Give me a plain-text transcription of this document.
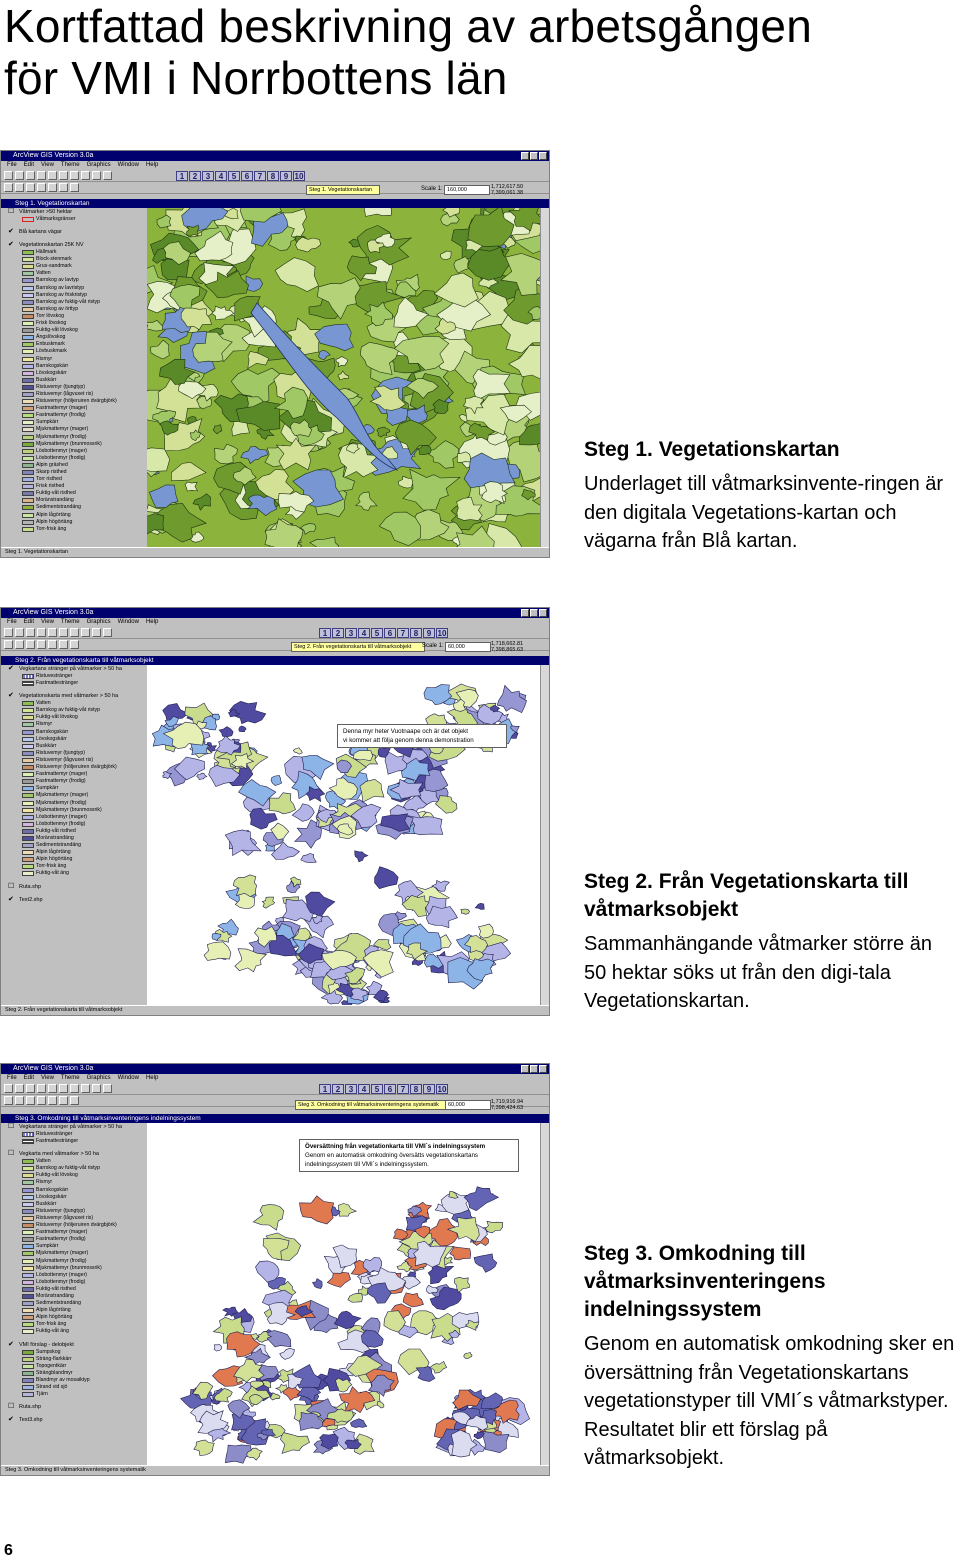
Kortfattad beskrivning av arbetsgången
för VMI i Norrbottens län
ArcView GIS Version 3.0a
File Edit View Theme Graphics Window Help
1	2	3	4	5	6	7	8	9 10
Steg 1. Vegetationskartan	Scale 1: 160,000	1,712,617.50
7,399,061.38
Steg 1. Vegetationskartan
☐ Våtmarker >50 hektar
Våtmarksgränser
✔ Blå kartans vägar
✔ Vegetationskartan 25K NV
Hällmark
Block-stenmark
Grus-sandmark
Vatten
Barrskog av lavtyp
Barrskog av lavristyp
Barrskog av friskristyp
Barrskog av fuktig-våt ristyp
Barrskog av örttyp
Torr lövskog
Frisk lövskog
Fuktig-våt lövskog
Ängslövskog
Enbuskmark
Lövbuskmark
Rismyr
Barrskogskärr
Lövskogskärr
Buskkärr
Ristuvemyr (tjungtyp)
Ristuvemyr (lågvuxet ris)
Ristuvemyr (höljeruiren dvärgbjörk)
Fastmattemyr (mager)
Fastmattemyr (frodig)
Sumpkärr
Mjukmattemyr (mager)
Mjukmattemyr (frodig)
Mjukmattemyr (brunmossrik)
Lösbottenmyr (mager)
Lösbottenmyr (frodig)
Alpin gräshed
Skarp risthed
Torr risthed
Frisk risthed
Fuktig-våt risthed
Moränstrandäng
Sedimentstrandäng
Alpin lågörtäng
Alpin högörtäng
Torr-frisk äng
Steg 1. Vegetationskartan
ArcView GIS Version 3.0a
File Edit View Theme Graphics Window Help
1	2	3	4	5	6	7	8	9 10
Steg 2. Från vegetationskarta till våtmarksobjekt	Scale 1: 60,000	1,718,662.81
7,398,865.63
Steg 2. Från vegetationskarta till våtmarksobjekt
✔ Vegkartans stränger på våtmarker > 50 ha
Ristuvestränger
Fastmattestränger
✔ Vegetationskarta med våtmarker > 50 ha
Vatten
Barrskog av fuktig-våt ristyp
Fuktig-våt lövskog
Rismyr
Barrskogskärr
Lövskogskärr
Buskkärr
Ristuvemyr (tjungtyp)
Ristuvemyr (lågvuxet ris)
Ristuvemyr (höljeruiren dvärgbjörk)
Fastmattemyr (mager)
Fastmattemyr (frodig)
Sumpkärr
Mjukmattemyr (mager)
Mjukmattemyr (frodig)
Mjukmattemyr (brunmossrik)
Lösbottenmyr (mager)
Lösbottenmyr (frodig)
Fuktig-våt risthed
Moränstrandäng
Sedimentstrandäng
Alpin lågörtäng
Alpin högörtäng
Torr-frisk äng
Fuktig-våt äng
☐ Ruta.shp
✔ Text2.shp
Denna myr heter Vuotnaape och är det objekt
vi kommer att följa genom denna demonstration
Steg 2. Från vegetationskarta till våtmarksobjekt
ArcView GIS Version 3.0a
File Edit View Theme Graphics Window Help
1	2	3	4	5	6	7	8	9 10
Steg 3. Omkodning till våtmarksinventeringens systematik	60,000	1,719,916.94
7,398,424.63
Steg 3. Omkodning till våtmarksinventeringens indelningssystem
☐ Vegkartans stränger på våtmarker > 50 ha
Ristuvestränger
Fastmattestränger
☐ Vegkarta med våtmarker > 50 ha
Vatten
Barrskog av fuktig-våt ristyp
Fuktig-våt lövskog
Rismyr
Barrskogskärr
Lövskogskärr
Buskkärr
Ristuvemyr (tjungtyp)
Ristuvemyr (lågvuxet ris)
Ristuvemyr (höljeruiren dvärgbjörk)
Fastmattemyr (mager)
Fastmattemyr (frodig)
Sumpkärr
Mjukmattemyr (mager)
Mjukmattemyr (frodig)
Mjukmattemyr (brunmossrik)
Lösbottenmyr (mager)
Lösbottenmyr (frodig)
Fuktig-våt risthed
Moränstrandäng
Sedimentstrandäng
Alpin lågörtäng
Alpin högörtäng
Torr-frisk äng
Fuktig-våt äng
✔ VMI förslag - delobjekt
Sumpskog
Sträng-flarkkärr
Topogentkärr
Strängblandmyr
Blandmyr av mosaiktyp
Strand vid sjö
Tjärn
☐ Ruta.shp
✔ Text3.shp
Översättning från vegetationkarta till VMI´s indelningssystem
Genom en automatisk omkodning översätts vegetationskartans
indelningssystem till VMI´s indelningssystem.
Steg 3. Omkodning till våtmarksinventeringens systematik
Steg 1. Vegetationskartan
Underlaget till våtmarksinvente-ringen är den digitala Vegetations-kartan och vägarna från Blå kartan.
Steg 2. Från Vegetationskarta till våtmarksobjekt
Sammanhängande våtmarker större än 50 hektar söks ut från den digi-tala Vegetationskartan.
Steg 3. Omkodning till våtmarksinventeringens indelningssystem
Genom en automatisk omkodning sker en översättning från Vegetationskartans vegetationstyper till VMI´s våtmarkstyper. Resultatet blir ett förslag på våtmarksobjekt.
6
